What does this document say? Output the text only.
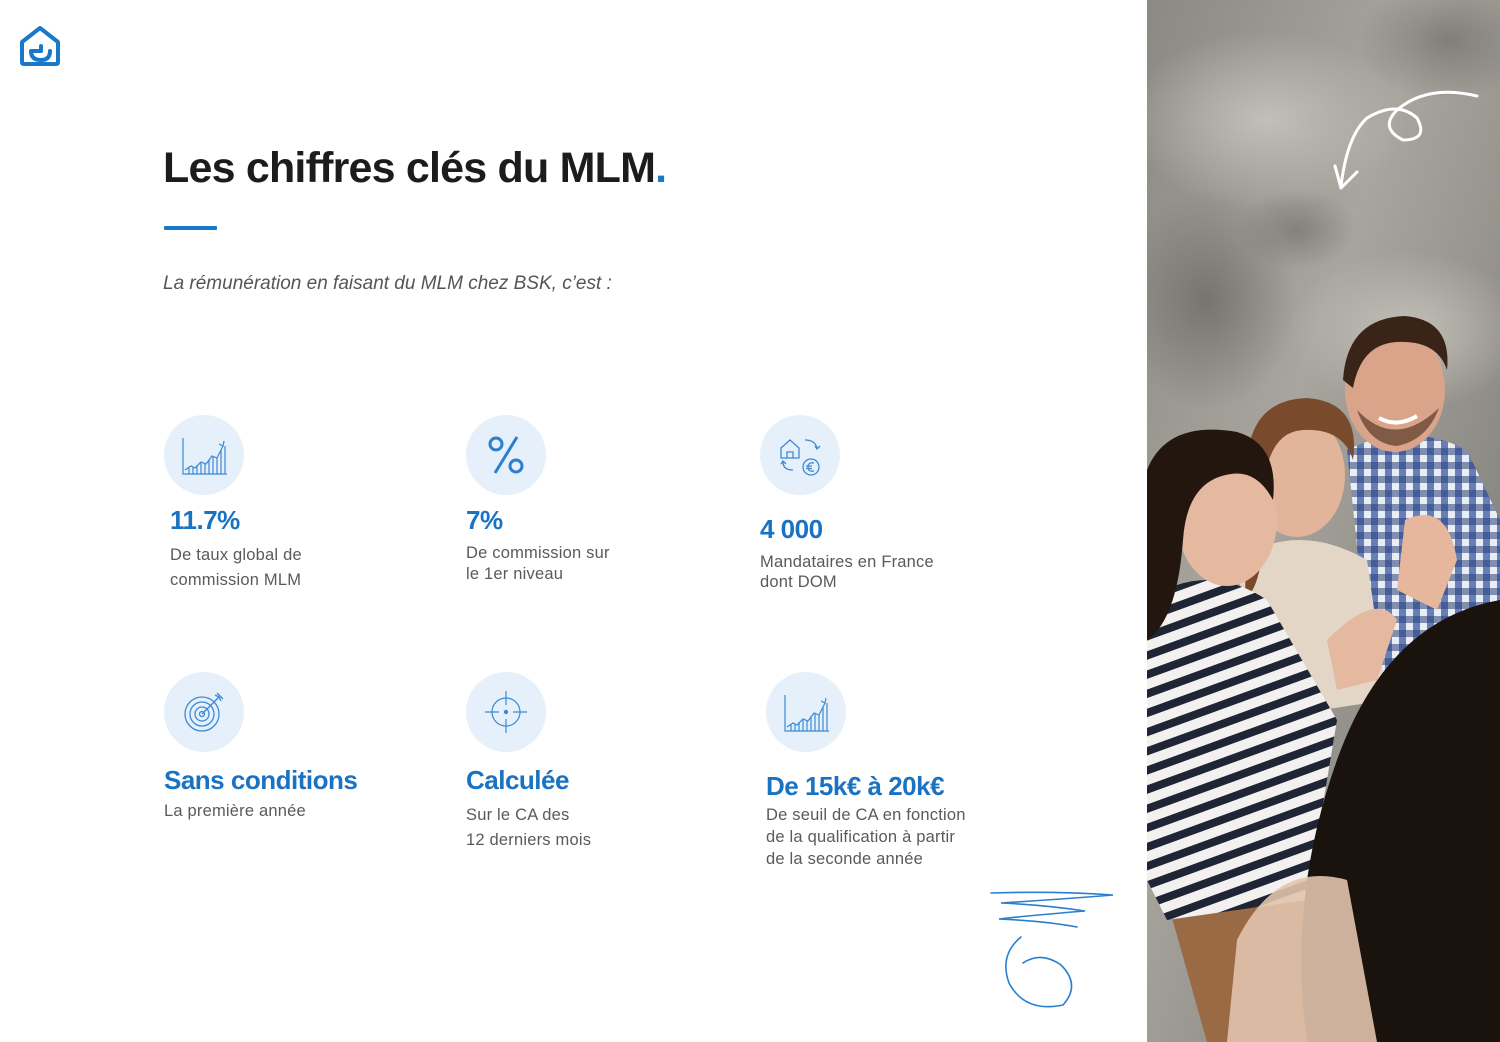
Les chiffres clés du MLM.

La rémunération en faisant du MLM chez BSK, c’est :

11.7%
De taux global de
commission MLM
7%
De commission sur
le 1er niveau
4 000
Mandataires en France
dont DOM
Sans conditions
La première année
Calculée
Sur le CA des
12 derniers mois
De 15k€ à 20k€
De seuil de CA en fonction
de la qualification à partir
de la seconde année
